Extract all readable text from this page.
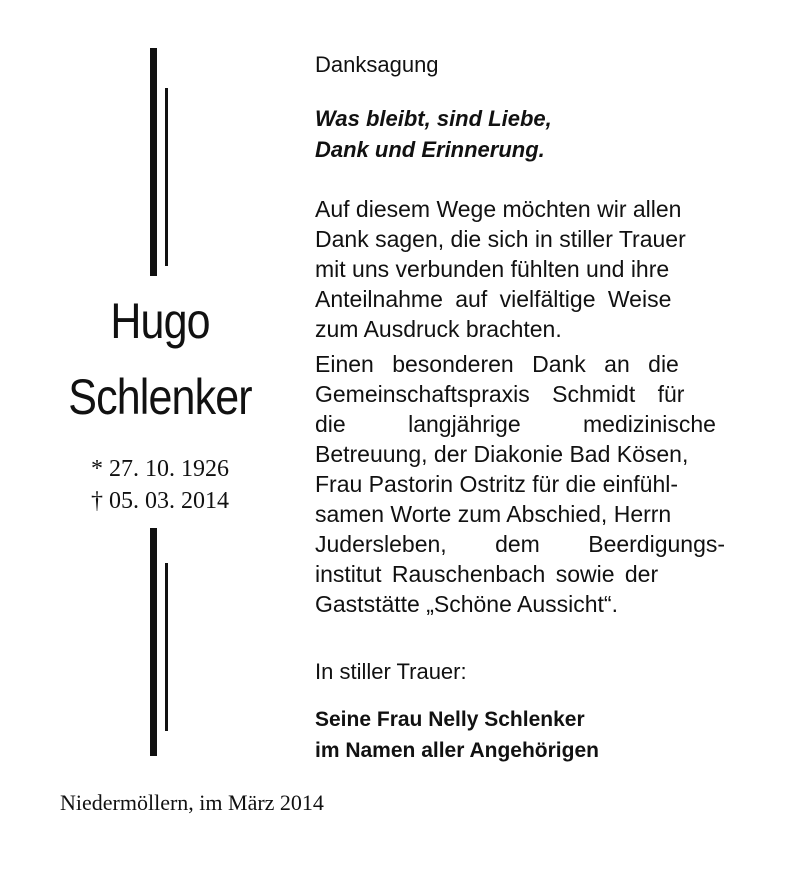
Hugo
Schlenker
* 27. 10. 1926
† 05. 03. 2014
Danksagung
Was bleibt, sind Liebe,
Dank und Erinnerung.
Auf diesem Wege möchten wir allen
Dank sagen, die sich in stiller Trauer
mit uns verbunden fühlten und ihre
Anteilnahme auf vielfältige Weise
zum Ausdruck brachten.
Einen besonderen Dank an die
Gemeinschaftspraxis Schmidt für
die langjährige medizinische
Betreuung, der Diakonie Bad Kösen,
Frau Pastorin Ostritz für die einfühl-
samen Worte zum Abschied, Herrn
Judersleben, dem Beerdigungs-
institut Rauschenbach sowie der
Gaststätte „Schöne Aussicht“.
In stiller Trauer:
Seine Frau Nelly Schlenker
im Namen aller Angehörigen
Niedermöllern, im März 2014
